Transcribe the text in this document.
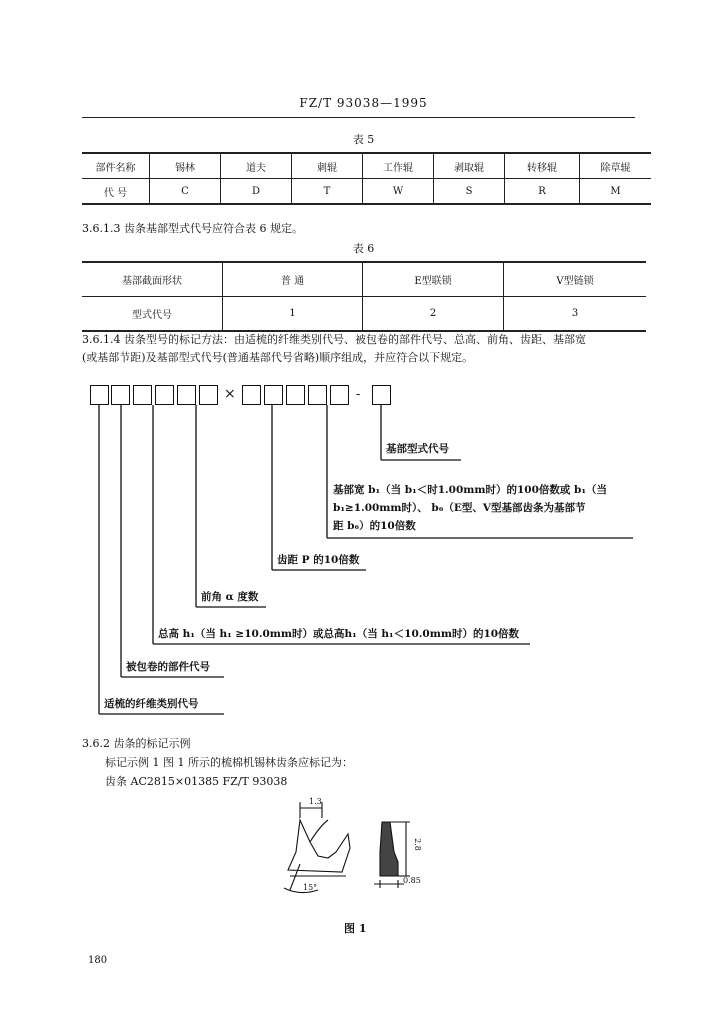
FZ/T 93038—1995
表 5
部件名称	锡林	道夫	刺辊	工作辊	剥取辊	转移辊	除草辊
代 号	C	D	T	W	S	R	M
3.6.1.3 齿条基部型式代号应符合表 6 规定。
表 6
基部截面形状	普 通	E型联锁	V型链锁
型式代号	1	2	3
3.6.1.4 齿条型号的标记方法：由适梳的纤维类别代号、被包卷的部件代号、总高、前角、齿距、基部宽
(或基部节距)及基部型式代号(普通基部代号省略)顺序组成，并应符合以下规定。
×	-
基部型式代号
基部宽 b₁（当 b₁＜时1.00mm时）的100倍数或 b₁（当
b₁≥1.00mm时）、 b₆（E型、V型基部齿条为基部节
距 b₆）的10倍数
齿距 P 的10倍数
前角 α 度数
总高 h₁（当 h₁ ≥10.0mm时）或总高h₁（当 h₁＜10.0mm时）的10倍数
被包卷的部件代号
适梳的纤维类别代号
3.6.2 齿条的标记示例
标记示例 1 图 1 所示的梳棉机锡林齿条应标记为：
齿条 AC2815×01385 FZ/T 93038
1.3
2.8
0.85
15°
图 1
180
